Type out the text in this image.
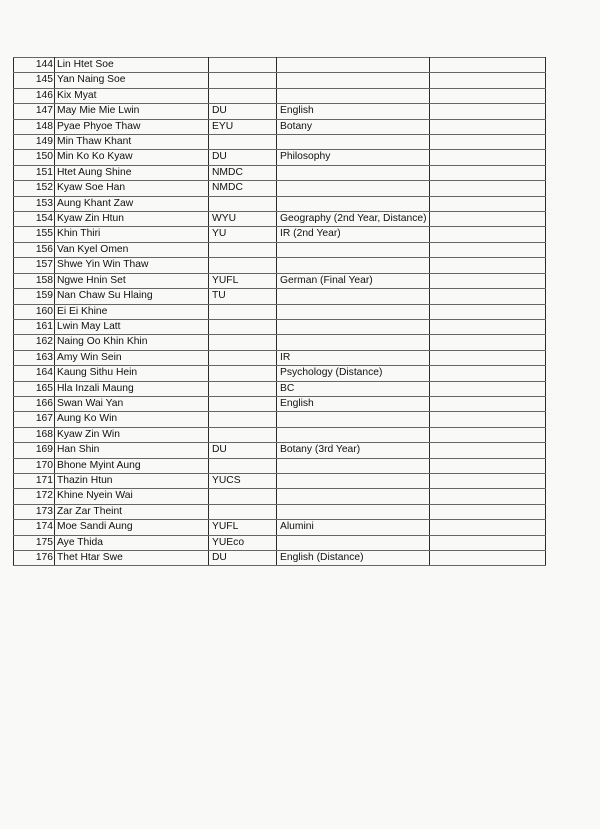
144	Lin Htet Soe			
145	Yan Naing Soe			
146	Kix Myat			
147	May Mie Mie Lwin	DU	English	
148	Pyae Phyoe Thaw	EYU	Botany	
149	Min Thaw Khant			
150	Min Ko Ko Kyaw	DU	Philosophy	
151	Htet Aung Shine	NMDC		
152	Kyaw Soe Han	NMDC		
153	Aung Khant Zaw			
154	Kyaw Zin Htun	WYU	Geography (2nd Year, Distance)	
155	Khin Thiri	YU	IR (2nd Year)	
156	Van Kyel Omen			
157	Shwe Yin Win Thaw			
158	Ngwe Hnin Set	YUFL	German (Final Year)	
159	Nan Chaw Su Hlaing	TU		
160	Ei Ei Khine			
161	Lwin May Latt			
162	Naing Oo Khin Khin			
163	Amy Win Sein		IR	
164	Kaung Sithu Hein		Psychology (Distance)	
165	Hla Inzali Maung		BC	
166	Swan Wai Yan		English	
167	Aung Ko Win			
168	Kyaw Zin Win			
169	Han Shin	DU	Botany (3rd Year)	
170	Bhone Myint Aung			
171	Thazin Htun	YUCS		
172	Khine Nyein Wai			
173	Zar Zar Theint			
174	Moe Sandi Aung	YUFL	Alumini	
175	Aye Thida	YUEco		
176	Thet Htar Swe	DU	English (Distance)	
